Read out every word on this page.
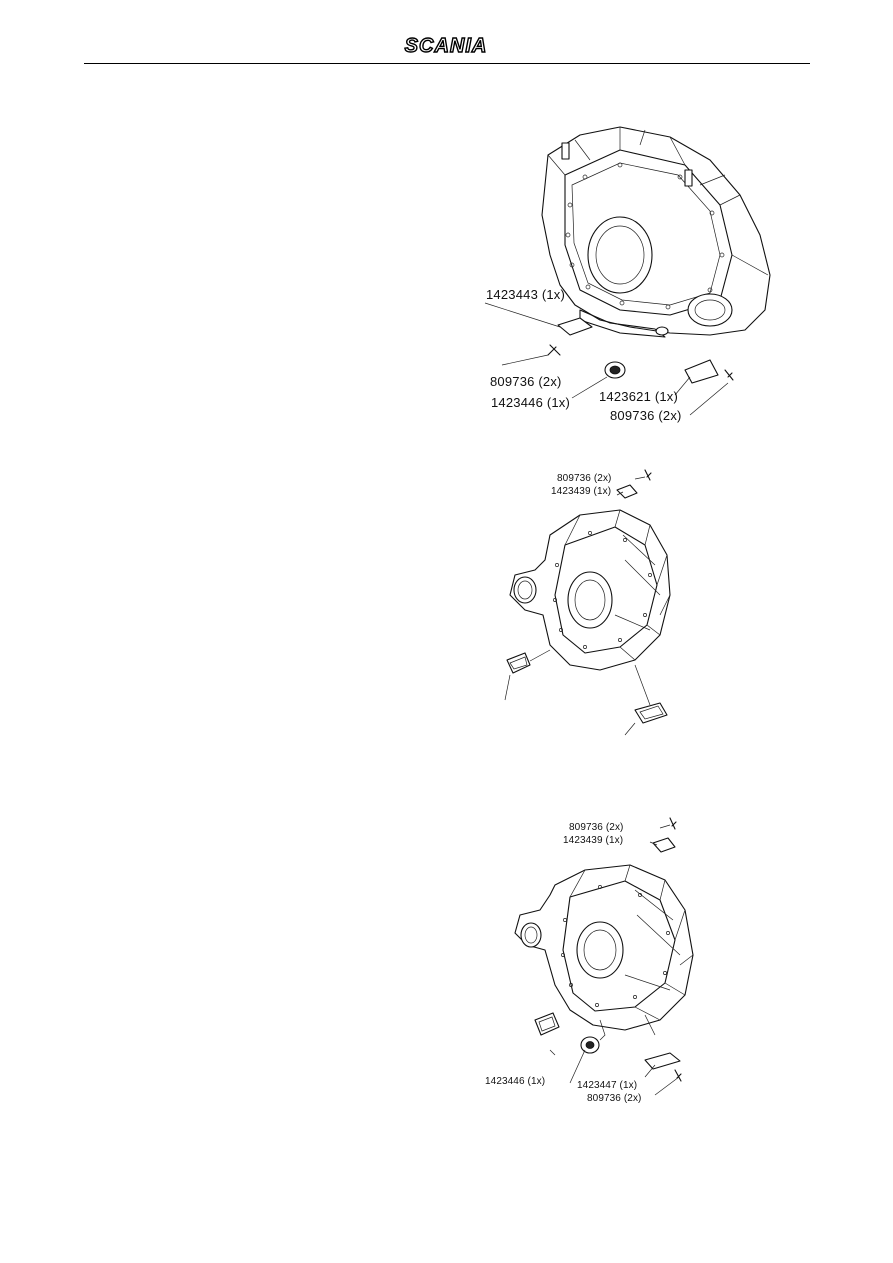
SCANIA
1423443 (1x)
809736 (2x)
1423446 (1x) 1423621 (1x)
809736 (2x)
809736 (2x)
1423439 (1x)
809736 (2x)
1423439 (1x)
1423446 (1x)	1423447 (1x)
809736 (2x)
